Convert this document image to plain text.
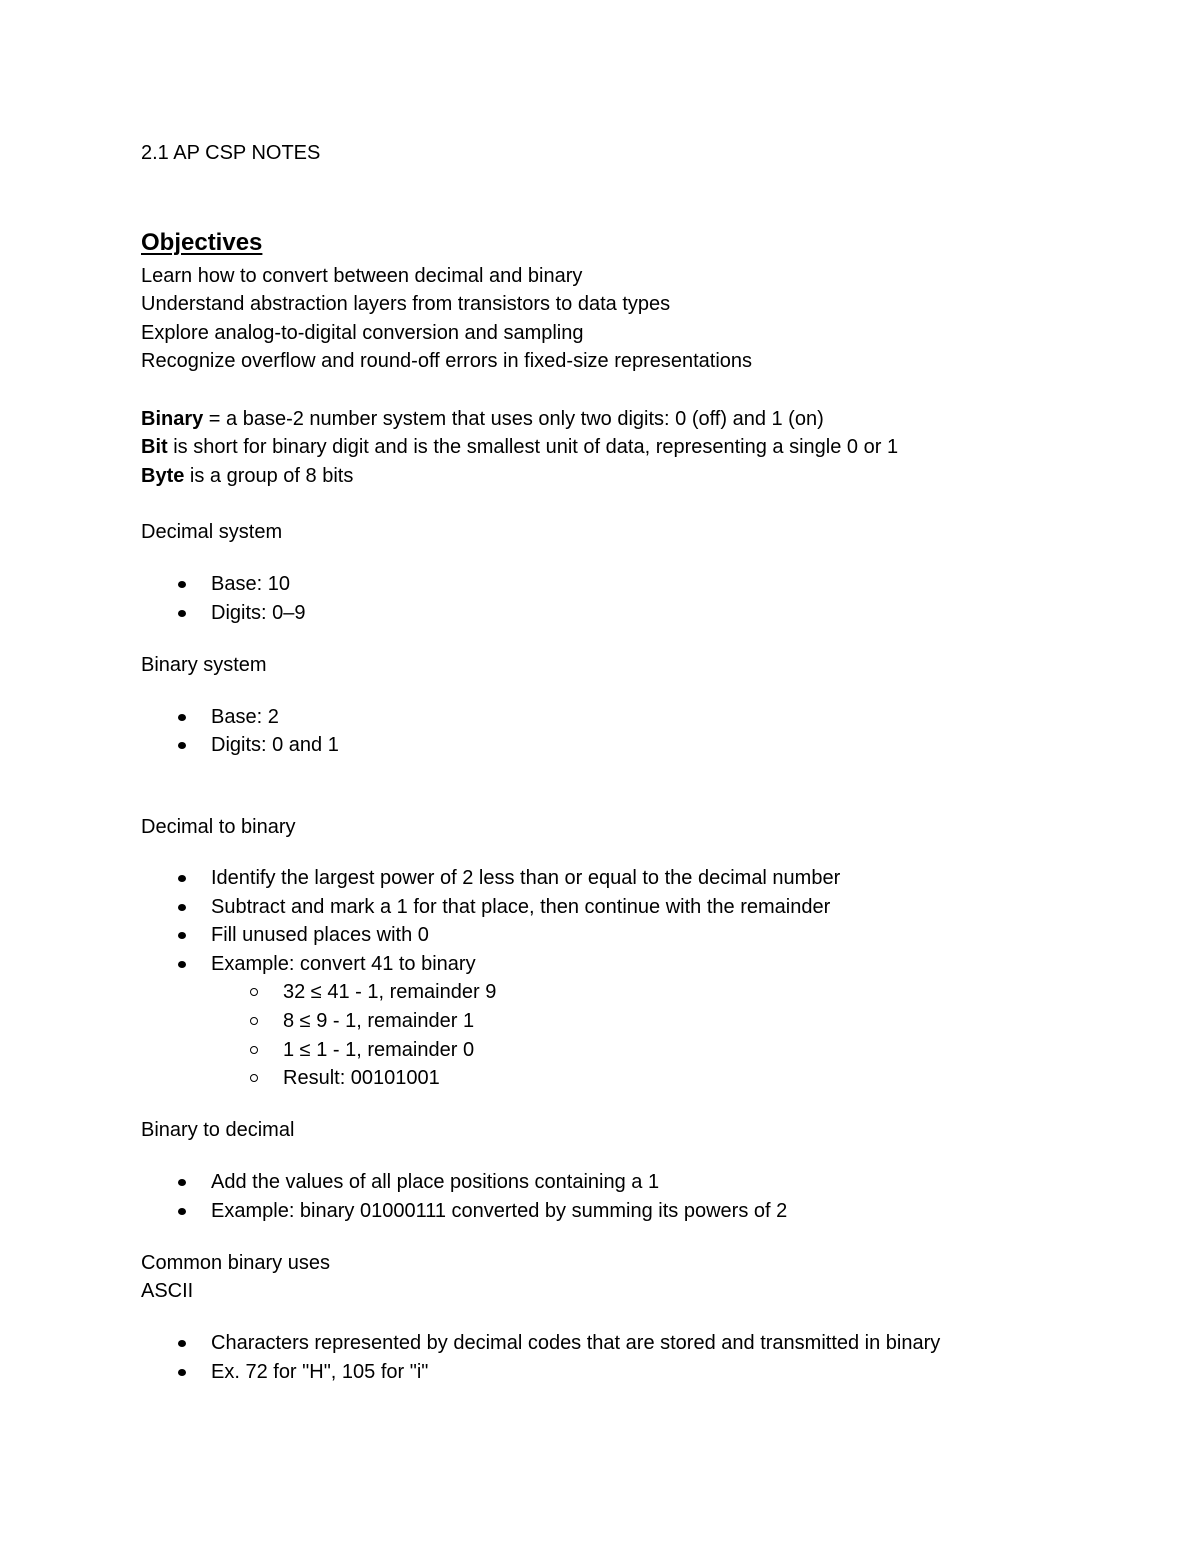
2.1 AP CSP NOTES
Objectives
Learn how to convert between decimal and binary
Understand abstraction layers from transistors to data types
Explore analog-to-digital conversion and sampling
Recognize overflow and round-off errors in fixed-size representations
Binary = a base-2 number system that uses only two digits: 0 (off) and 1 (on)
Bit is short for binary digit and is the smallest unit of data, representing a single 0 or 1
Byte is a group of 8 bits
Decimal system
Base: 10
Digits: 0–9
Binary system
Base: 2
Digits: 0 and 1
Decimal to binary
Identify the largest power of 2 less than or equal to the decimal number
Subtract and mark a 1 for that place, then continue with the remainder
Fill unused places with 0
Example: convert 41 to binary
32 ≤ 41 - 1, remainder 9
8 ≤ 9 - 1, remainder 1
1 ≤ 1 - 1, remainder 0
Result: 00101001
Binary to decimal
Add the values of all place positions containing a 1
Example: binary 01000111 converted by summing its powers of 2
Common binary uses
ASCII
Characters represented by decimal codes that are stored and transmitted in binary
Ex. 72 for "H", 105 for "i"
